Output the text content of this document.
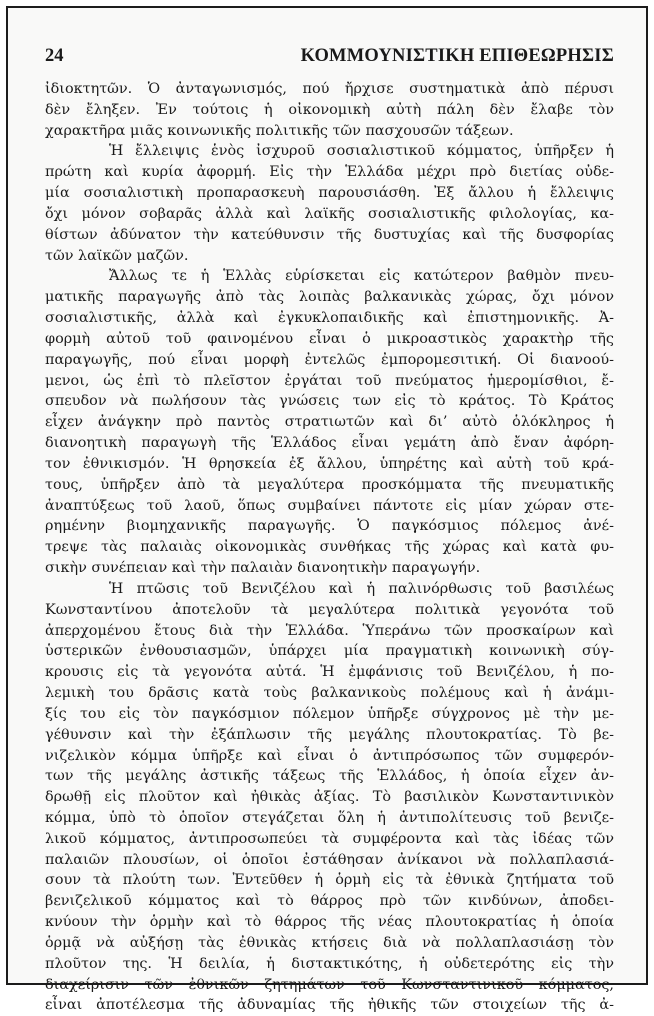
24	ΚΟΜΜΟΥΝΙΣΤΙΚΗ ΕΠΙΘΕΩΡΗΣΙΣ
ἰδιοκτητῶν. Ὁ ἀνταγωνισμός, πού ἤρχισε συστηματικὰ ἀπὸ πέρυσι
δὲν ἔληξεν. Ἐν τούτοις ἡ οἰκονομικὴ αὐτὴ πάλη δὲν ἔλαβε τὸν
χαρακτῆρα μιᾶς κοινωνικῆς πολιτικῆς τῶν πασχουσῶν τάξεων.
Ἡ ἔλλειψις ἑνὸς ἰσχυροῦ σοσιαλιστικοῦ κόμματος, ὑπῆρξεν ἡ
πρώτη καὶ κυρία ἀφορμή. Εἰς τὴν Ἑλλάδα μέχρι πρὸ διετίας οὐδε-
μία σοσιαλιστικὴ προπαρασκευὴ παρουσιάσθη. Ἐξ ἄλλου ἡ ἔλλειψις
ὄχι μόνον σοβαρᾶς ἀλλὰ καὶ λαϊκῆς σοσιαλιστικῆς φιλολογίας, κα-
θίστων ἀδύνατον τὴν κατεύθυνσιν τῆς δυστυχίας καὶ τῆς δυσφορίας
τῶν λαϊκῶν μαζῶν.
Ἄλλως τε ἡ Ἑλλὰς εὑρίσκεται εἰς κατώτερον βαθμὸν πνευ-
ματικῆς παραγωγῆς ἀπὸ τὰς λοιπὰς βαλκανικὰς χώρας, ὄχι μόνον
σοσιαλιστικῆς, ἀλλὰ καὶ ἐγκυκλοπαιδικῆς καὶ ἐπιστημονικῆς. Ἀ-
φορμὴ αὐτοῦ τοῦ φαινομένου εἶναι ὁ μικροαστικὸς χαρακτὴρ τῆς
παραγωγῆς, πού εἶναι μορφὴ ἐντελῶς ἐμπορομεσιτική. Οἱ διανοού-
μενοι, ὡς ἐπὶ τὸ πλεῖστον ἐργάται τοῦ πνεύματος ἡμερομίσθιοι, ἔ-
σπευδον νὰ πωλήσουν τὰς γνώσεις των εἰς τὸ κράτος. Τὸ Κράτος
εἶχεν ἀνάγκην πρὸ παντὸς στρατιωτῶν καὶ δι’ αὐτὸ ὁλόκληρος ἡ
διανοητικὴ παραγωγὴ τῆς Ἑλλάδος εἶναι γεμάτη ἀπὸ ἔναν ἀφόρη-
τον ἐθνικισμόν. Ἡ θρησκεία ἐξ ἄλλου, ὑπηρέτης καὶ αὐτὴ τοῦ κρά-
τους, ὑπῆρξεν ἀπὸ τὰ μεγαλύτερα προσκόμματα τῆς πνευματικῆς
ἀναπτύξεως τοῦ λαοῦ, ὅπως συμβαίνει πάντοτε εἰς μίαν χώραν στε-
ρημένην βιομηχανικῆς παραγωγῆς. Ὁ παγκόσμιος πόλεμος ἀνέ-
τρεψε τὰς παλαιὰς οἰκονομικὰς συνθήκας τῆς χώρας καὶ κατὰ φυ-
σικὴν συνέπειαν καὶ τὴν παλαιὰν διανοητικὴν παραγωγήν.
Ἡ πτῶσις τοῦ Βενιζέλου καὶ ἡ παλινόρθωσις τοῦ βασιλέως
Κωνσταντίνου ἀποτελοῦν τὰ μεγαλύτερα πολιτικὰ γεγονότα τοῦ
ἀπερχομένου ἔτους διὰ τὴν Ἑλλάδα. Ὑπεράνω τῶν προσκαίρων καὶ
ὑστερικῶν ἐνθουσιασμῶν, ὑπάρχει μία πραγματικὴ κοινωνικὴ σύγ-
κρουσις εἰς τὰ γεγονότα αὐτά. Ἡ ἐμφάνισις τοῦ Βενιζέλου, ἡ πο-
λεμικὴ του δρᾶσις κατὰ τοὺς βαλκανικοὺς πολέμους καὶ ἡ ἀνάμι-
ξίς του εἰς τὸν παγκόσμιον πόλεμον ὑπῆρξε σύγχρονος μὲ τὴν με-
γέθυνσιν καὶ τὴν ἐξάπλωσιν τῆς μεγάλης πλουτοκρατίας. Τὸ βε-
νιζελικὸν κόμμα ὑπῆρξε καὶ εἶναι ὁ ἀντιπρόσωπος τῶν συμφερόν-
των τῆς μεγάλης ἀστικῆς τάξεως τῆς Ἑλλάδος, ἡ ὁποία εἶχεν ἀν-
δρωθῇ εἰς πλοῦτον καὶ ἠθικὰς ἀξίας. Τὸ βασιλικὸν Κωνσταντινικὸν
κόμμα, ὑπὸ τὸ ὁποῖον στεγάζεται ὅλη ἡ ἀντιπολίτευσις τοῦ βενιζε-
λικοῦ κόμματος, ἀντιπροσωπεύει τὰ συμφέροντα καὶ τὰς ἰδέας τῶν
παλαιῶν πλουσίων, οἱ ὁποῖοι ἐστάθησαν ἀνίκανοι νὰ πολλαπλασιά-
σουν τὰ πλούτη των. Ἐντεῦθεν ἡ ὁρμὴ εἰς τὰ ἐθνικὰ ζητήματα τοῦ
βενιζελικοῦ κόμματος καὶ τὸ θάρρος πρὸ τῶν κινδύνων, ἀποδει-
κνύουν τὴν ὁρμὴν καὶ τὸ θάρρος τῆς νέας πλουτοκρατίας ἡ ὁποία
ὁρμᾷ νὰ αὐξήσῃ τὰς ἐθνικὰς κτήσεις διὰ νὰ πολλαπλασιάσῃ τὸν
πλοῦτον της. Ἡ δειλία, ἡ διστακτικότης, ἡ οὐδετερότης εἰς τὴν
διαχείρισιν τῶν ἐθνικῶν ζητημάτων τοῦ Κωνσταντινικοῦ κόμματος,
εἶναι ἀποτέλεσμα τῆς ἀδυναμίας τῆς ἠθικῆς τῶν στοιχείων τῆς ἀ-
